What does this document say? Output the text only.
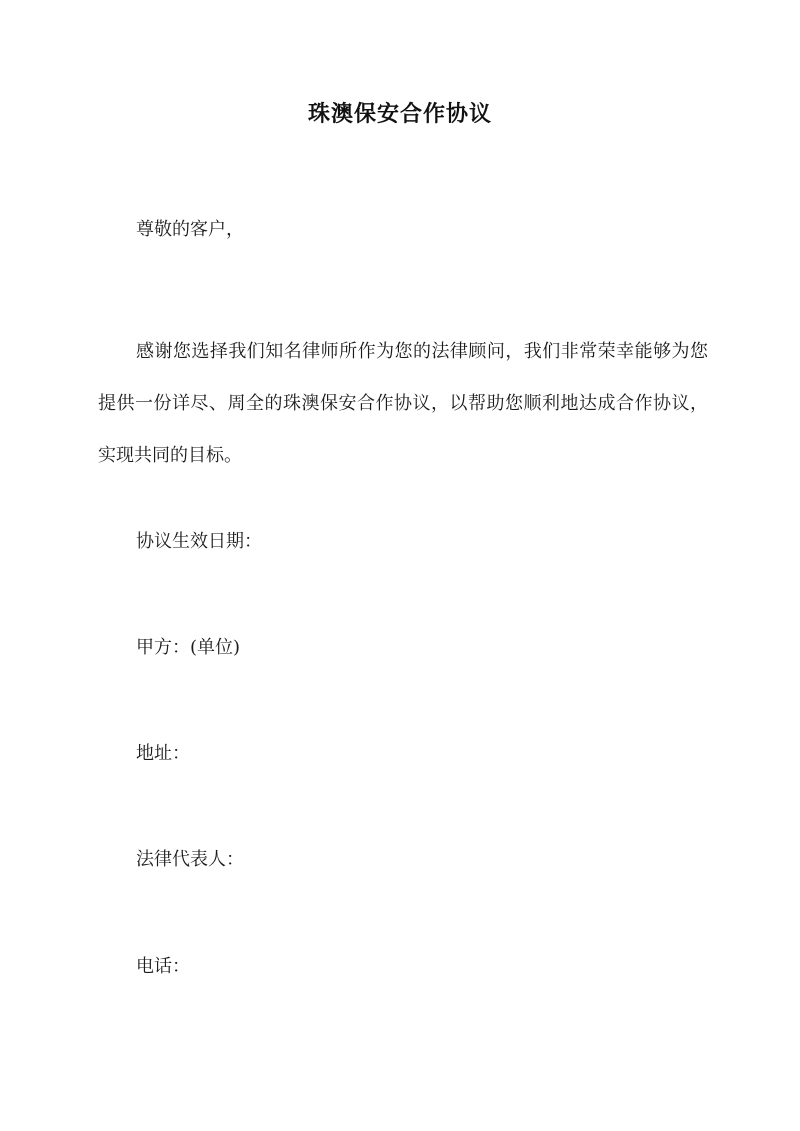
珠澳保安合作协议

尊敬的客户，

感谢您选择我们知名律师所作为您的法律顾问，我们非常荣幸能够为您提供一份详尽、周全的珠澳保安合作协议，以帮助您顺利地达成合作协议，实现共同的目标。

协议生效日期：

甲方：(单位)

地址：

法律代表人：

电话：
